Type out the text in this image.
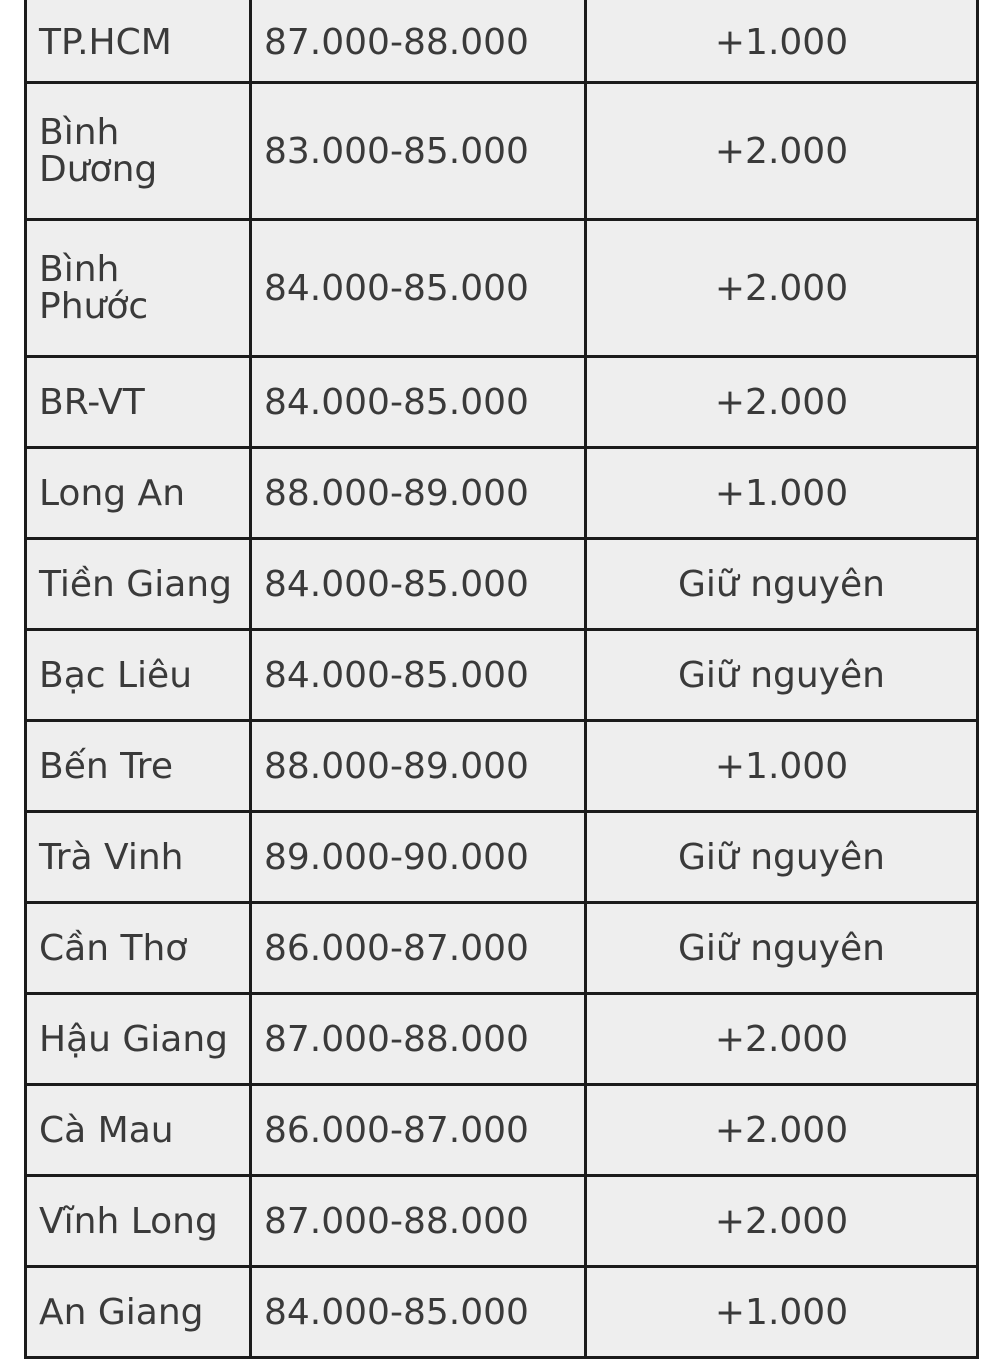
TP.HCM	87.000-88.000	+1.000
Bình Dương	83.000-85.000	+2.000
Bình Phước	84.000-85.000	+2.000
BR-VT	84.000-85.000	+2.000
Long An	88.000-89.000	+1.000
Tiền Giang	84.000-85.000	Giữ nguyên
Bạc Liêu	84.000-85.000	Giữ nguyên
Bến Tre	88.000-89.000	+1.000
Trà Vinh	89.000-90.000	Giữ nguyên
Cần Thơ	86.000-87.000	Giữ nguyên
Hậu Giang	87.000-88.000	+2.000
Cà Mau	86.000-87.000	+2.000
Vĩnh Long	87.000-88.000	+2.000
An Giang	84.000-85.000	+1.000
